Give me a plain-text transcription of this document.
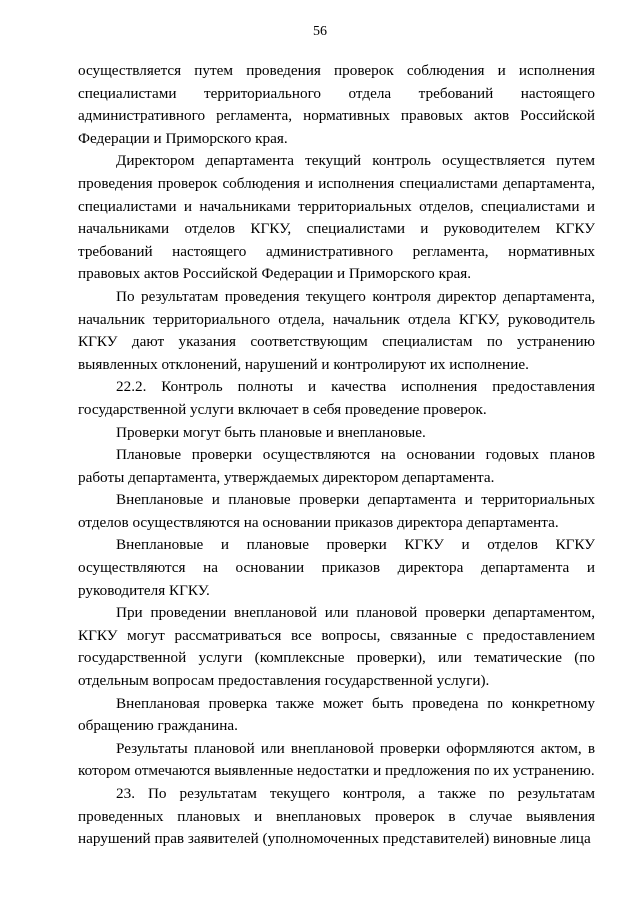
56

осуществляется путем проведения проверок соблюдения и исполнения специалистами территориального отдела требований настоящего административного регламента, нормативных правовых актов Российской Федерации и Приморского края.

Директором департамента текущий контроль осуществляется путем проведения проверок соблюдения и исполнения специалистами департамента, специалистами и начальниками территориальных отделов, специалистами и начальниками отделов КГКУ, специалистами и руководителем КГКУ требований настоящего административного регламента, нормативных правовых актов Российской Федерации и Приморского края.

По результатам проведения текущего контроля директор департамента, начальник территориального отдела, начальник отдела КГКУ, руководитель КГКУ дают указания соответствующим специалистам по устранению выявленных отклонений, нарушений и контролируют их исполнение.

22.2. Контроль полноты и качества исполнения предоставления государственной услуги включает в себя проведение проверок.

Проверки могут быть плановые и внеплановые.

Плановые проверки осуществляются на основании годовых планов работы департамента, утверждаемых директором департамента.

Внеплановые и плановые проверки департамента и территориальных отделов осуществляются на основании приказов директора департамента.

Внеплановые и плановые проверки КГКУ и отделов КГКУ осуществляются на основании приказов директора департамента и руководителя КГКУ.

При проведении внеплановой или плановой проверки департаментом, КГКУ могут рассматриваться все вопросы, связанные с предоставлением государственной услуги (комплексные проверки), или тематические (по отдельным вопросам предоставления государственной услуги).

Внеплановая проверка также может быть проведена по конкретному обращению гражданина.

Результаты плановой или внеплановой проверки оформляются актом, в котором отмечаются выявленные недостатки и предложения по их устранению.

23. По результатам текущего контроля, а также по результатам проведенных плановых и внеплановых проверок в случае выявления нарушений прав заявителей (уполномоченных представителей) виновные лица
